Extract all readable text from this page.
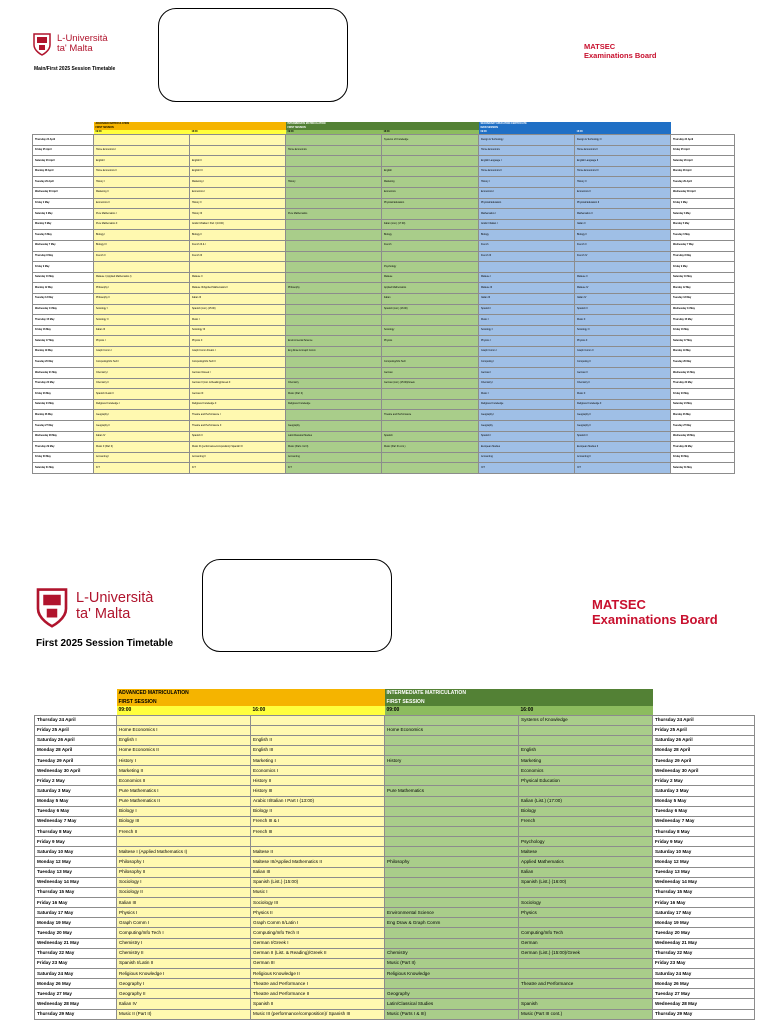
L-Università
ta' Malta	MATSEC
Examinations Board
Main/First 2025 Session Timetable
	ADVANCED MATRICULATION		INTERMEDIATE MATRICULATION		SECONDARY EDUCATION CERTIFICATE		
	FIRST SESSION		FIRST SESSION		MAIN SESSION		
	09:00	16:00	09:00	16:00	09:00	16:00	
Thursday 24 April				Systems of Knowledge	Design & Technology	Design & Technology II	Thursday 24 April
Friday 25 April	Home Economics I		Home Economics		Home Economics	Home Economics II	Friday 25 April
Saturday 26 April	English I	English II			English Language I	English Language II	Saturday 26 April
Monday 28 April	Home Economics II	English III		English	Home Economics II	Home Economics III	Monday 28 April
Tuesday 29 April	History I	Marketing I	History	Marketing	History I	History II	Tuesday 29 April
Wednesday 30 April	Marketing II	Economics I		Economics	Economics I	Economics II	Wednesday 30 April
Friday 2 May	Economics II	History II		Physical Education	Physical Education	Physical Education II	Friday 2 May
Saturday 3 May	Pure Mathematics I	History III	Pure Mathematics		Mathematics I	Mathematics II	Saturday 3 May
Monday 5 May	Pure Mathematics II	Arabic II/Italian I Part I (13:00)		Italian (List.) (17:00)	Arabic I/Italian I	Italian II	Monday 5 May
Tuesday 6 May	Biology I	Biology II		Biology	Biology	Biology II	Tuesday 6 May
Wednesday 7 May	Biology III	French III & I		French	French	French II	Wednesday 7 May
Thursday 8 May	French II	French III			French III	French IV	Thursday 8 May
Friday 9 May				Psychology			Friday 9 May
Saturday 10 May	Maltese I (Applied Mathematics I)	Maltese II		Maltese	Maltese I	Maltese II	Saturday 10 May
Monday 12 May	Philosophy I	Maltese III/Applied Mathematics II	Philosophy	Applied Mathematics	Maltese III	Maltese IV	Monday 12 May
Tuesday 13 May	Philosophy II	Italian III		Italian	Italian III	Italian IV	Tuesday 13 May
Wednesday 14 May	Sociology I	Spanish (List.) (15:00)		Spanish (List.) (16:00)	Spanish I	Spanish II	Wednesday 14 May
Thursday 15 May	Sociology II	Music I			Music I	Music II	Thursday 15 May
Friday 16 May	Italian III	Sociology III		Sociology	Sociology I	Sociology II	Friday 16 May
Saturday 17 May	Physics I	Physics II	Environmental Science	Physics	Physics I	Physics II	Saturday 17 May
Monday 19 May	Graph Comm I	Graph Comm II/Latin I	Eng Draw & Graph Comm		Graph Comm I	Graph Comm II	Monday 19 May
Tuesday 20 May	Computing/Info Tech I	Computing/Info Tech II		Computing/Info Tech	Computing I	Computing II	Tuesday 20 May
Wednesday 21 May	Chemistry I	German I/Greek I		German	German I	German II	Wednesday 21 May
Thursday 22 May	Chemistry II	German II (List. & Reading)/Greek II	Chemistry	German (List.) (15:00)/Greek	Chemistry I	Chemistry II	Thursday 22 May
Friday 23 May	Spanish I/Latin II	German III	Music (Part II)		Music I	Music II	Friday 23 May
Saturday 24 May	Religious Knowledge I	Religious Knowledge II	Religious Knowledge		Religious Knowledge	Religious Knowledge II	Saturday 24 May
Monday 26 May	Geography I	Theatre and Performance I		Theatre and Performance	Geography I	Geography II	Monday 26 May
Tuesday 27 May	Geography II	Theatre and Performance II	Geography		Geography	Geography II	Tuesday 27 May
Wednesday 28 May	Italian IV	Spanish II	Latin/Classical Studies	Spanish	Spanish I	Spanish II	Wednesday 28 May
Thursday 29 May	Music II (Part II)	Music III (performance/composition)/ Spanish III	Music (Parts I & III)	Music (Part III cont.)	European Studies	European Studies II	Thursday 29 May
Friday 30 May	Accounting I	Accounting II	Accounting		Accounting	Accounting II	Friday 30 May
Saturday 31 May	ICT	ICT	ICT		ICT	ICT	Saturday 31 May
L-Università
ta' Malta
MATSEC
Examinations Board
First 2025 Session Timetable
	ADVANCED MATRICULATION		INTERMEDIATE MATRICULATION		
	FIRST SESSION		FIRST SESSION		
	09:00	16:00	09:00	16:00	
Thursday 24 April				Systems of Knowledge	Thursday 24 April
Friday 25 April	Home Economics I		Home Economics		Friday 25 April
Saturday 26 April	English I	English II			Saturday 26 April
Monday 28 April	Home Economics II	English III		English	Monday 28 April
Tuesday 29 April	History I	Marketing I	History	Marketing	Tuesday 29 April
Wednesday 30 April	Marketing II	Economics I		Economics	Wednesday 30 April
Friday 2 May	Economics II	History II		Physical Education	Friday 2 May
Saturday 3 May	Pure Mathematics I	History III	Pure Mathematics		Saturday 3 May
Monday 5 May	Pure Mathematics II	Arabic II/Italian I Part I (13:00)		Italian (List.) (17:00)	Monday 5 May
Tuesday 6 May	Biology I	Biology II		Biology	Tuesday 6 May
Wednesday 7 May	Biology III	French III & I		French	Wednesday 7 May
Thursday 8 May	French II	French III			Thursday 8 May
Friday 9 May				Psychology	Friday 9 May
Saturday 10 May	Maltese I (Applied Mathematics I)	Maltese II		Maltese	Saturday 10 May
Monday 12 May	Philosophy I	Maltese III/Applied Mathematics II	Philosophy	Applied Mathematics	Monday 12 May
Tuesday 13 May	Philosophy II	Italian III		Italian	Tuesday 13 May
Wednesday 14 May	Sociology I	Spanish (List.) (15:00)		Spanish (List.) (16:00)	Wednesday 14 May
Thursday 15 May	Sociology II	Music I			Thursday 15 May
Friday 16 May	Italian III	Sociology III		Sociology	Friday 16 May
Saturday 17 May	Physics I	Physics II	Environmental Science	Physics	Saturday 17 May
Monday 19 May	Graph Comm I	Graph Comm II/Latin I	Eng Draw & Graph Comm		Monday 19 May
Tuesday 20 May	Computing/Info Tech I	Computing/Info Tech II		Computing/Info Tech	Tuesday 20 May
Wednesday 21 May	Chemistry I	German I/Greek I		German	Wednesday 21 May
Thursday 22 May	Chemistry II	German II (List. & Reading)/Greek II	Chemistry	German (List.) (15:00)/Greek	Thursday 22 May
Friday 23 May	Spanish I/Latin II	German III	Music (Part II)		Friday 23 May
Saturday 24 May	Religious Knowledge I	Religious Knowledge II	Religious Knowledge		Saturday 24 May
Monday 26 May	Geography I	Theatre and Performance I		Theatre and Performance	Monday 26 May
Tuesday 27 May	Geography II	Theatre and Performance II	Geography		Tuesday 27 May
Wednesday 28 May	Italian IV	Spanish II	Latin/Classical Studies	Spanish	Wednesday 28 May
Thursday 29 May	Music II (Part II)	Music III (performance/composition)/ Spanish III	Music (Parts I & III)	Music (Part III cont.)	Thursday 29 May
